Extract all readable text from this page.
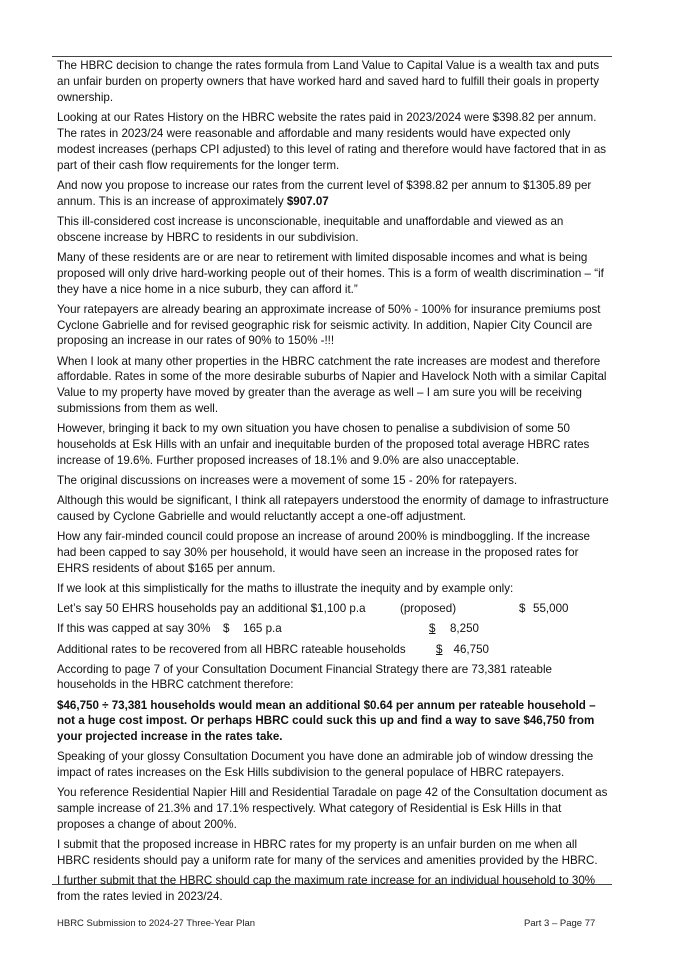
The HBRC decision to change the rates formula from Land Value to Capital Value is a wealth tax and puts an unfair burden on property owners that have worked hard and saved hard to fulfill their goals in property ownership.

Looking at our Rates History on the HBRC website the rates paid in 2023/2024 were $398.82 per annum. The rates in 2023/24 were reasonable and affordable and many residents would have expected only modest increases (perhaps CPI adjusted) to this level of rating and therefore would have factored that in as part of their cash flow requirements for the longer term.

And now you propose to increase our rates from the current level of $398.82 per annum to $1305.89 per annum. This is an increase of approximately $907.07

This ill-considered cost increase is unconscionable, inequitable and unaffordable and viewed as an obscene increase by HBRC to residents in our subdivision.

Many of these residents are or are near to retirement with limited disposable incomes and what is being proposed will only drive hard-working people out of their homes. This is a form of wealth discrimination – “if they have a nice home in a nice suburb, they can afford it.”

Your ratepayers are already bearing an approximate increase of 50% - 100% for insurance premiums post Cyclone Gabrielle and for revised geographic risk for seismic activity. In addition, Napier City Council are proposing an increase in our rates of 90% to 150% -!!!

When I look at many other properties in the HBRC catchment the rate increases are modest and therefore affordable. Rates in some of the more desirable suburbs of Napier and Havelock Noth with a similar Capital Value to my property have moved by greater than the average as well – I am sure you will be receiving submissions from them as well.

However, bringing it back to my own situation you have chosen to penalise a subdivision of some 50 households at Esk Hills with an unfair and inequitable burden of the proposed total average HBRC rates increase of 19.6%. Further proposed increases of 18.1% and 9.0% are also unacceptable.

The original discussions on increases were a movement of some 15 - 20% for ratepayers.

Although this would be significant, I think all ratepayers understood the enormity of damage to infrastructure caused by Cyclone Gabrielle and would reluctantly accept a one-off adjustment.

How any fair-minded council could propose an increase of around 200% is mindboggling. If the increase had been capped to say 30% per household, it would have seen an increase in the proposed rates for EHRS residents of about $165 per annum.

If we look at this simplistically for the maths to illustrate the inequity and by example only:

Let’s say 50 EHRS households pay an additional $1,100 p.a	(proposed)	$ 55,000
If this was capped at say 30% $ 165 p.a	$ 8,250
Additional rates to be recovered from all HBRC rateable households	$ 46,750

According to page 7 of your Consultation Document Financial Strategy there are 73,381 rateable households in the HBRC catchment therefore:

$46,750 ÷ 73,381 households would mean an additional $0.64 per annum per rateable household – not a huge cost impost. Or perhaps HBRC could suck this up and find a way to save $46,750 from your projected increase in the rates take.

Speaking of your glossy Consultation Document you have done an admirable job of window dressing the impact of rates increases on the Esk Hills subdivision to the general populace of HBRC ratepayers.

You reference Residential Napier Hill and Residential Taradale on page 42 of the Consultation document as sample increase of 21.3% and 17.1% respectively. What category of Residential is Esk Hills in that proposes a change of about 200%.

I submit that the proposed increase in HBRC rates for my property is an unfair burden on me when all HBRC residents should pay a uniform rate for many of the services and amenities provided by the HBRC.

I further submit that the HBRC should cap the maximum rate increase for an individual household to 30% from the rates levied in 2023/24.

HBRC Submission to 2024-27 Three-Year Plan	Part 3 – Page 77
